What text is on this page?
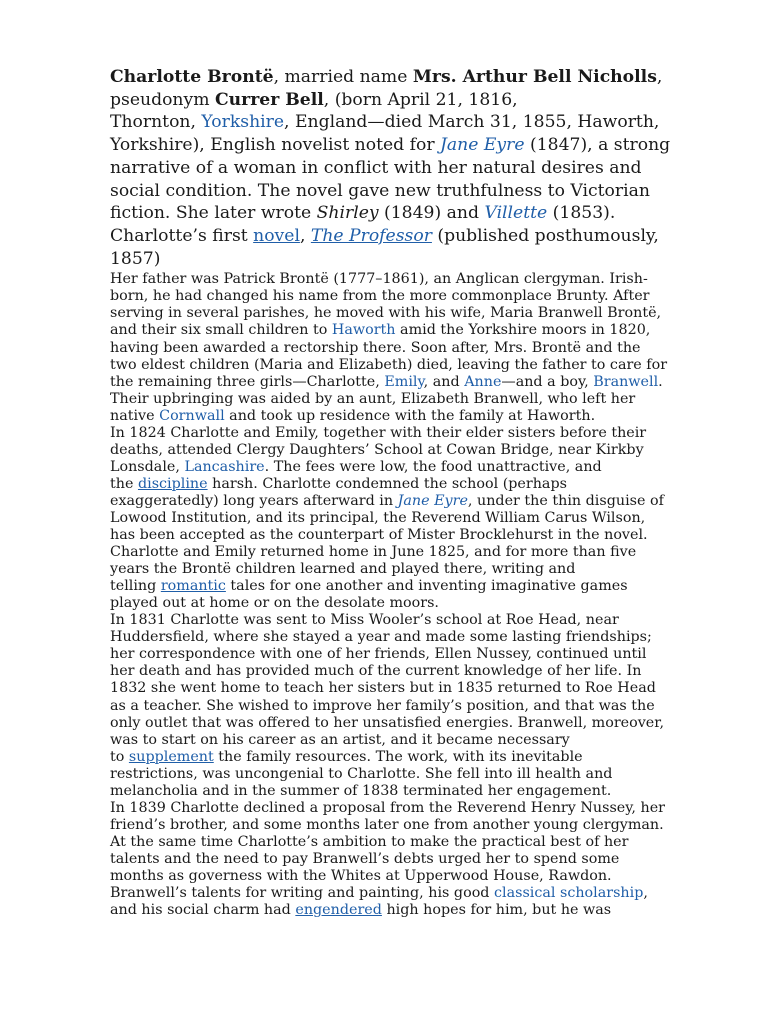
Charlotte Brontë, married name Mrs. Arthur Bell Nicholls,
pseudonym Currer Bell, (born April 21, 1816,
Thornton, Yorkshire, England—died March 31, 1855, Haworth,
Yorkshire), English novelist noted for Jane Eyre (1847), a strong
narrative of a woman in conflict with her natural desires and
social condition. The novel gave new truthfulness to Victorian
fiction. She later wrote Shirley (1849) and Villette (1853).
Charlotte’s first novel, The Professor (published posthumously,
1857)
Her father was Patrick Brontë (1777–1861), an Anglican clergyman. Irish-
born, he had changed his name from the more commonplace Brunty. After
serving in several parishes, he moved with his wife, Maria Branwell Brontë,
and their six small children to Haworth amid the Yorkshire moors in 1820,
having been awarded a rectorship there. Soon after, Mrs. Brontë and the
two eldest children (Maria and Elizabeth) died, leaving the father to care for
the remaining three girls—Charlotte, Emily, and Anne—and a boy, Branwell.
Their upbringing was aided by an aunt, Elizabeth Branwell, who left her
native Cornwall and took up residence with the family at Haworth.
In 1824 Charlotte and Emily, together with their elder sisters before their
deaths, attended Clergy Daughters’ School at Cowan Bridge, near Kirkby
Lonsdale, Lancashire. The fees were low, the food unattractive, and
the discipline harsh. Charlotte condemned the school (perhaps
exaggeratedly) long years afterward in Jane Eyre, under the thin disguise of
Lowood Institution, and its principal, the Reverend William Carus Wilson,
has been accepted as the counterpart of Mister Brocklehurst in the novel.
Charlotte and Emily returned home in June 1825, and for more than five
years the Brontë children learned and played there, writing and
telling romantic tales for one another and inventing imaginative games
played out at home or on the desolate moors.
In 1831 Charlotte was sent to Miss Wooler’s school at Roe Head, near
Huddersfield, where she stayed a year and made some lasting friendships;
her correspondence with one of her friends, Ellen Nussey, continued until
her death and has provided much of the current knowledge of her life. In
1832 she went home to teach her sisters but in 1835 returned to Roe Head
as a teacher. She wished to improve her family’s position, and that was the
only outlet that was offered to her unsatisfied energies. Branwell, moreover,
was to start on his career as an artist, and it became necessary
to supplement the family resources. The work, with its inevitable
restrictions, was uncongenial to Charlotte. She fell into ill health and
melancholia and in the summer of 1838 terminated her engagement.
In 1839 Charlotte declined a proposal from the Reverend Henry Nussey, her
friend’s brother, and some months later one from another young clergyman.
At the same time Charlotte’s ambition to make the practical best of her
talents and the need to pay Branwell’s debts urged her to spend some
months as governess with the Whites at Upperwood House, Rawdon.
Branwell’s talents for writing and painting, his good classical scholarship,
and his social charm had engendered high hopes for him, but he was
